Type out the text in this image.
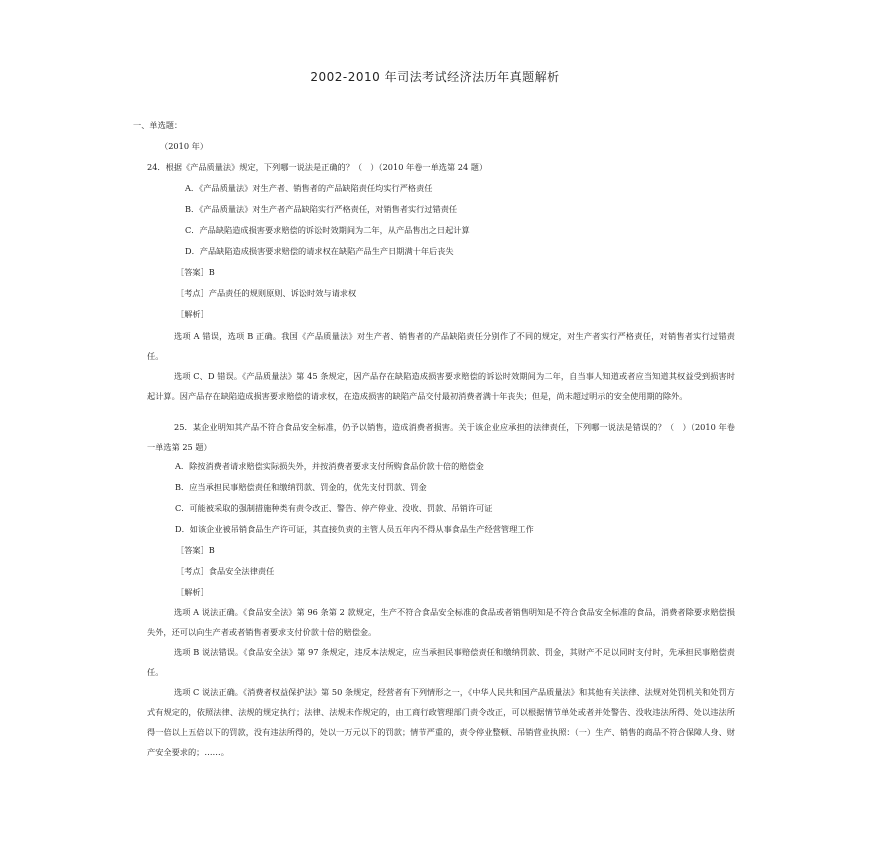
2002-2010 年司法考试经济法历年真题解析
一、单选题：
（2010 年）
24．根据《产品质量法》规定，下列哪一说法是正确的？（　）（2010 年卷一单选第 24 题）
A．《产品质量法》对生产者、销售者的产品缺陷责任均实行严格责任
B．《产品质量法》对生产者产品缺陷实行严格责任，对销售者实行过错责任
C．产品缺陷造成损害要求赔偿的诉讼时效期间为二年，从产品售出之日起计算
D．产品缺陷造成损害要求赔偿的请求权在缺陷产品生产日期满十年后丧失
［答案］B
［考点］产品责任的规则原则、诉讼时效与请求权
［解析］
选项 A 错误，选项 B 正确。我国《产品质量法》对生产者、销售者的产品缺陷责任分别作了不同的规定，对生产者实行严格责任，对销售者实行过错责任。
选项 C、D 错误。《产品质量法》第 45 条规定，因产品存在缺陷造成损害要求赔偿的诉讼时效期间为二年，自当事人知道或者应当知道其权益受到损害时起计算。因产品存在缺陷造成损害要求赔偿的请求权，在造成损害的缺陷产品交付最初消费者满十年丧失；但是，尚未超过明示的安全使用期的除外。
25．某企业明知其产品不符合食品安全标准，仍予以销售，造成消费者损害。关于该企业应承担的法律责任，下列哪一说法是错误的？（　）（2010 年卷一单选第 25 题）
A．除按消费者请求赔偿实际损失外，并按消费者要求支付所购食品价款十倍的赔偿金
B．应当承担民事赔偿责任和缴纳罚款、罚金的，优先支付罚款、罚金
C．可能被采取的强制措施种类有责令改正、警告、停产停业、没收、罚款、吊销许可证
D．如该企业被吊销食品生产许可证，其直接负责的主管人员五年内不得从事食品生产经营管理工作
［答案］B
［考点］食品安全法律责任
［解析］
选项 A 说法正确。《食品安全法》第 96 条第 2 款规定，生产不符合食品安全标准的食品或者销售明知是不符合食品安全标准的食品，消费者除要求赔偿损失外，还可以向生产者或者销售者要求支付价款十倍的赔偿金。
选项 B 说法错误。《食品安全法》第 97 条规定，违反本法规定，应当承担民事赔偿责任和缴纳罚款、罚金，其财产不足以同时支付时，先承担民事赔偿责任。
选项 C 说法正确。《消费者权益保护法》第 50 条规定，经营者有下列情形之一，《中华人民共和国产品质量法》和其他有关法律、法规对处罚机关和处罚方式有规定的，依照法律、法规的规定执行；法律、法规未作规定的，由工商行政管理部门责令改正，可以根据情节单处或者并处警告、没收违法所得、处以违法所得一倍以上五倍以下的罚款，没有违法所得的，处以一万元以下的罚款；情节严重的，责令停业整顿、吊销营业执照：（一）生产、销售的商品不符合保障人身、财产安全要求的；……。
